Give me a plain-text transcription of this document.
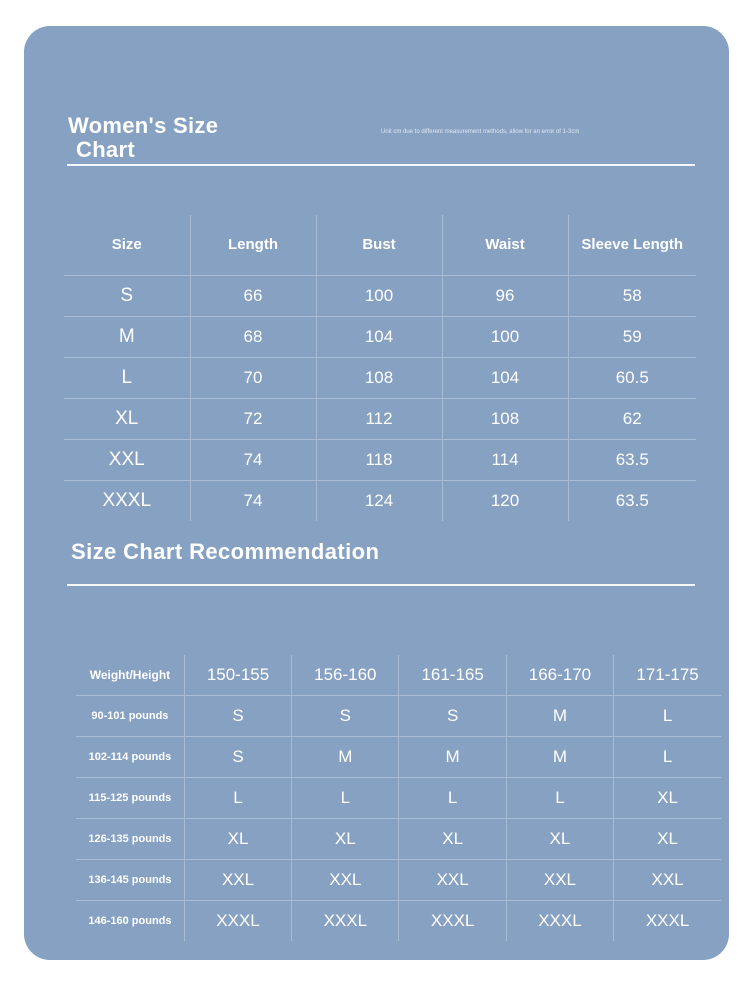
Women's Size
Chart
Unit cm due to different measurement methods, allow for an error of 1-3cm
Size	Length	Bust	Waist	Sleeve Length
S	66	100	96	58
M	68	104	100	59
L	70	108	104	60.5
XL	72	112	108	62
XXL	74	118	114	63.5
XXXL	74	124	120	63.5
Size Chart Recommendation
Weight/Height	150-155	156-160	161-165	166-170	171-175
90-101 pounds	S	S	S	M	L
102-114 pounds	S	M	M	M	L
115-125 pounds	L	L	L	L	XL
126-135 pounds	XL	XL	XL	XL	XL
136-145 pounds	XXL	XXL	XXL	XXL	XXL
146-160 pounds	XXXL	XXXL	XXXL	XXXL	XXXL
